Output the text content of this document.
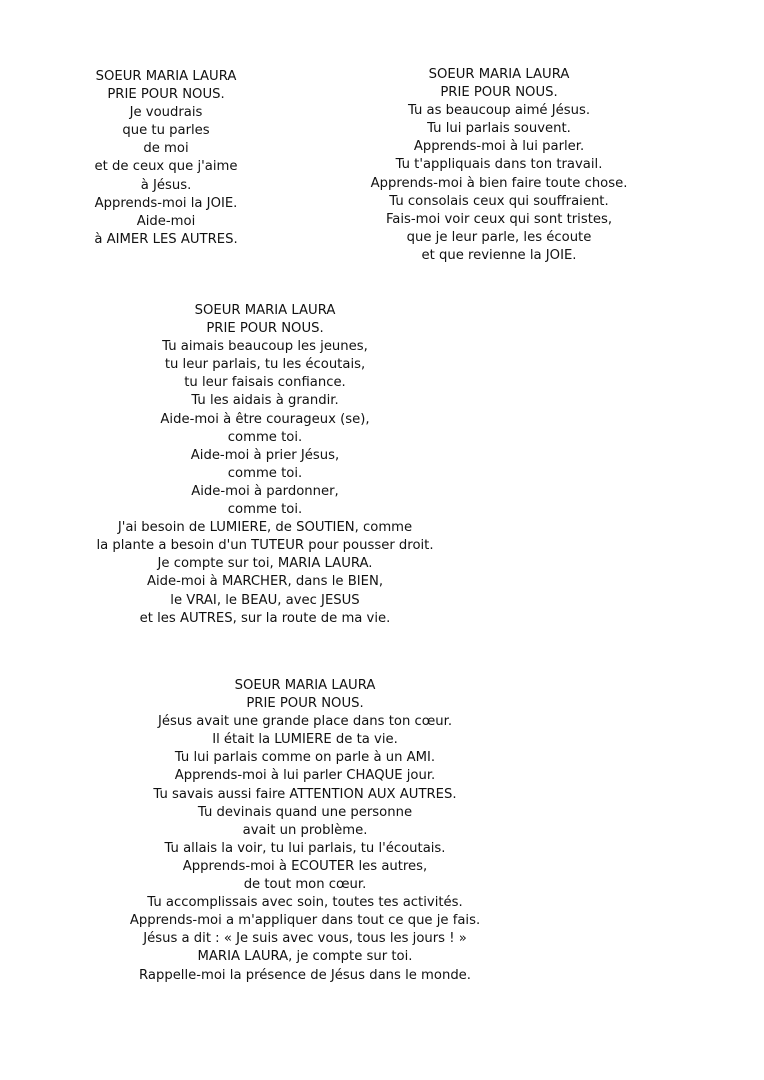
SOEUR MARIA LAURA
PRIE POUR NOUS.
Je voudrais
que tu parles
de moi
et de ceux que j'aime
à Jésus.
Apprends-moi la JOIE.
Aide-moi
à AIMER LES AUTRES.
SOEUR MARIA LAURA
PRIE POUR NOUS.
Tu as beaucoup aimé Jésus.
Tu lui parlais souvent.
Apprends-moi à lui parler.
Tu t'appliquais dans ton travail.
Apprends-moi à bien faire toute chose.
Tu consolais ceux qui souffraient.
Fais-moi voir ceux qui sont tristes,
que je leur parle, les écoute
et que revienne la JOIE.
SOEUR MARIA LAURA
PRIE POUR NOUS.
Tu aimais beaucoup les jeunes,
tu leur parlais, tu les écoutais,
tu leur faisais confiance.
Tu les aidais à grandir.
Aide-moi à être courageux (se),
comme toi.
Aide-moi à prier Jésus,
comme toi.
Aide-moi à pardonner,
comme toi.
J'ai besoin de LUMIERE, de SOUTIEN, comme
la plante a besoin d'un TUTEUR pour pousser droit.
Je compte sur toi, MARIA LAURA.
Aide-moi à MARCHER, dans le BIEN,
le VRAI, le BEAU, avec JESUS
et les AUTRES, sur la route de ma vie.
SOEUR MARIA LAURA
PRIE POUR NOUS.
Jésus avait une grande place dans ton cœur.
Il était la LUMIERE de ta vie.
Tu lui parlais comme on parle à un AMI.
Apprends-moi à lui parler CHAQUE jour.
Tu savais aussi faire ATTENTION AUX AUTRES.
Tu devinais quand une personne
avait un problème.
Tu allais la voir, tu lui parlais, tu l'écoutais.
Apprends-moi à ECOUTER les autres,
de tout mon cœur.
Tu accomplissais avec soin, toutes tes activités.
Apprends-moi a m'appliquer dans tout ce que je fais.
Jésus a dit : « Je suis avec vous, tous les jours ! »
MARIA LAURA, je compte sur toi.
Rappelle-moi la présence de Jésus dans le monde.
